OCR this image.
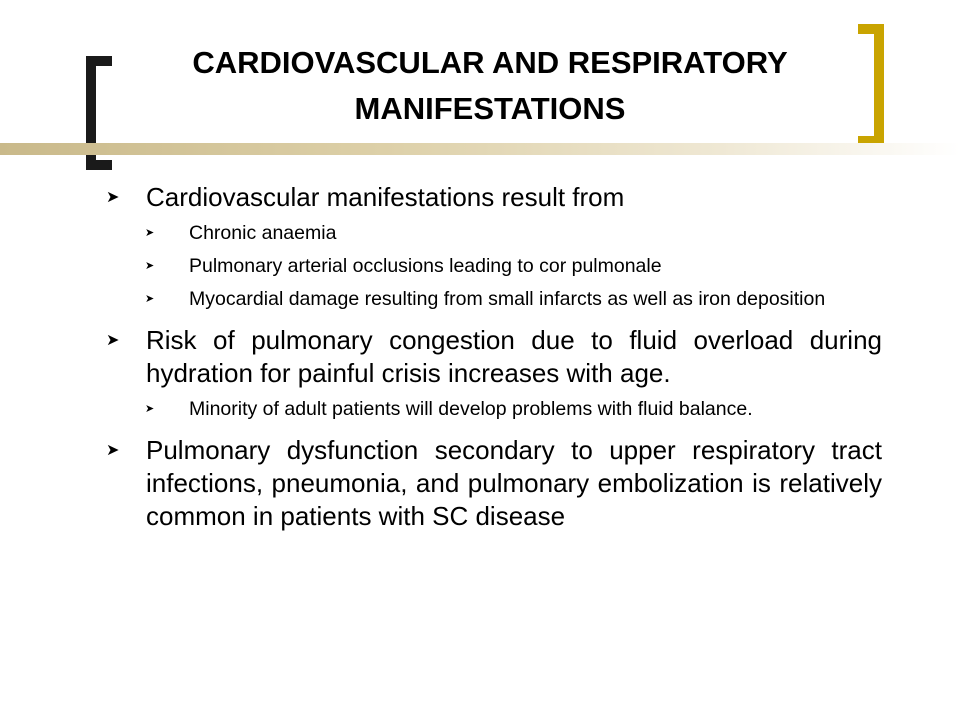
CARDIOVASCULAR AND RESPIRATORY MANIFESTATIONS
➤ Cardiovascular manifestations result from
➤ Chronic anaemia
➤ Pulmonary arterial occlusions leading to cor pulmonale
➤ Myocardial damage resulting from small infarcts as well as iron deposition
➤ Risk of pulmonary congestion due to fluid overload during hydration for painful crisis increases with age.
➤ Minority of adult patients will develop problems with fluid balance.
➤ Pulmonary dysfunction secondary to upper respiratory tract infections, pneumonia, and pulmonary embolization is relatively common in patients with SC disease
